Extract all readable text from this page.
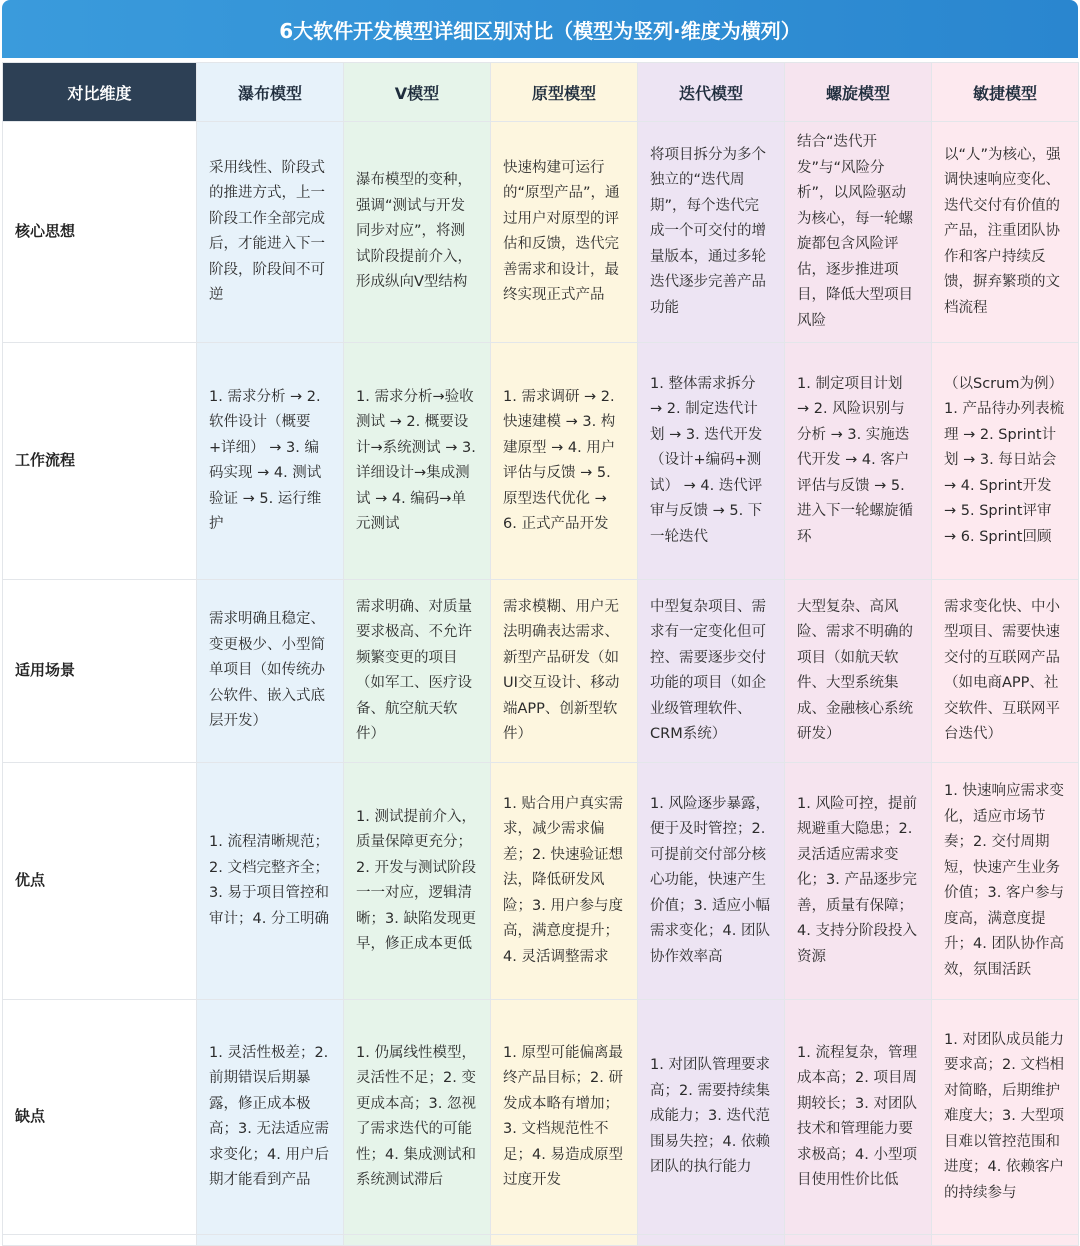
6大软件开发模型详细区别对比（模型为竖列·维度为横列）
对比维度	瀑布模型	V模型	原型模型	迭代模型	螺旋模型	敏捷模型
核心思想	采用线性、阶段式的推进方式，上一阶段工作全部完成后，才能进入下一阶段，阶段间不可逆	瀑布模型的变种，强调“测试与开发同步对应”，将测试阶段提前介入，形成纵向V型结构	快速构建可运行的“原型产品”，通过用户对原型的评估和反馈，迭代完善需求和设计，最终实现正式产品	将项目拆分为多个独立的“迭代周期”，每个迭代完成一个可交付的增量版本，通过多轮迭代逐步完善产品功能	结合“迭代开发”与“风险分析”，以风险驱动为核心，每一轮螺旋都包含风险评估，逐步推进项目，降低大型项目风险	以“人”为核心，强调快速响应变化、迭代交付有价值的产品，注重团队协作和客户持续反馈，摒弃繁琐的文档流程
工作流程	1. 需求分析 → 2. 软件设计（概要+详细） → 3. 编码实现 → 4. 测试验证 → 5. 运行维护	1. 需求分析→验收测试 → 2. 概要设计→系统测试 → 3. 详细设计→集成测试 → 4. 编码→单元测试	1. 需求调研 → 2. 快速建模 → 3. 构建原型 → 4. 用户评估与反馈 → 5. 原型迭代优化 → 6. 正式产品开发	1. 整体需求拆分 → 2. 制定迭代计划 → 3. 迭代开发（设计+编码+测试） → 4. 迭代评审与反馈 → 5. 下一轮迭代	1. 制定项目计划 → 2. 风险识别与分析 → 3. 实施迭代开发 → 4. 客户评估与反馈 → 5. 进入下一轮螺旋循环	（以Scrum为例）1. 产品待办列表梳理 → 2. Sprint计划 → 3. 每日站会 → 4. Sprint开发 → 5. Sprint评审 → 6. Sprint回顾
适用场景	需求明确且稳定、变更极少、小型简单项目（如传统办公软件、嵌入式底层开发）	需求明确、对质量要求极高、不允许频繁变更的项目（如军工、医疗设备、航空航天软件）	需求模糊、用户无法明确表达需求、新型产品研发（如UI交互设计、移动端APP、创新型软件）	中型复杂项目、需求有一定变化但可控、需要逐步交付功能的项目（如企业级管理软件、CRM系统）	大型复杂、高风险、需求不明确的项目（如航天软件、大型系统集成、金融核心系统研发）	需求变化快、中小型项目、需要快速交付的互联网产品（如电商APP、社交软件、互联网平台迭代）
优点	1. 流程清晰规范；2. 文档完整齐全；3. 易于项目管控和审计；4. 分工明确	1. 测试提前介入，质量保障更充分；2. 开发与测试阶段一一对应，逻辑清晰；3. 缺陷发现更早，修正成本更低	1. 贴合用户真实需求，减少需求偏差；2. 快速验证想法，降低研发风险；3. 用户参与度高，满意度提升；4. 灵活调整需求	1. 风险逐步暴露，便于及时管控；2. 可提前交付部分核心功能，快速产生价值；3. 适应小幅需求变化；4. 团队协作效率高	1. 风险可控，提前规避重大隐患；2. 灵活适应需求变化；3. 产品逐步完善，质量有保障；4. 支持分阶段投入资源	1. 快速响应需求变化，适应市场节奏；2. 交付周期短，快速产生业务价值；3. 客户参与度高，满意度提升；4. 团队协作高效，氛围活跃
缺点	1. 灵活性极差；2. 前期错误后期暴露，修正成本极高；3. 无法适应需求变化；4. 用户后期才能看到产品	1. 仍属线性模型，灵活性不足；2. 变更成本高；3. 忽视了需求迭代的可能性；4. 集成测试和系统测试滞后	1. 原型可能偏离最终产品目标；2. 研发成本略有增加；3. 文档规范性不足；4. 易造成原型过度开发	1. 对团队管理要求高；2. 需要持续集成能力；3. 迭代范围易失控；4. 依赖团队的执行能力	1. 流程复杂，管理成本高；2. 项目周期较长；3. 对团队技术和管理能力要求极高；4. 小型项目使用性价比低	1. 对团队成员能力要求高；2. 文档相对简略，后期维护难度大；3. 大型项目难以管控范围和进度；4. 依赖客户的持续参与
